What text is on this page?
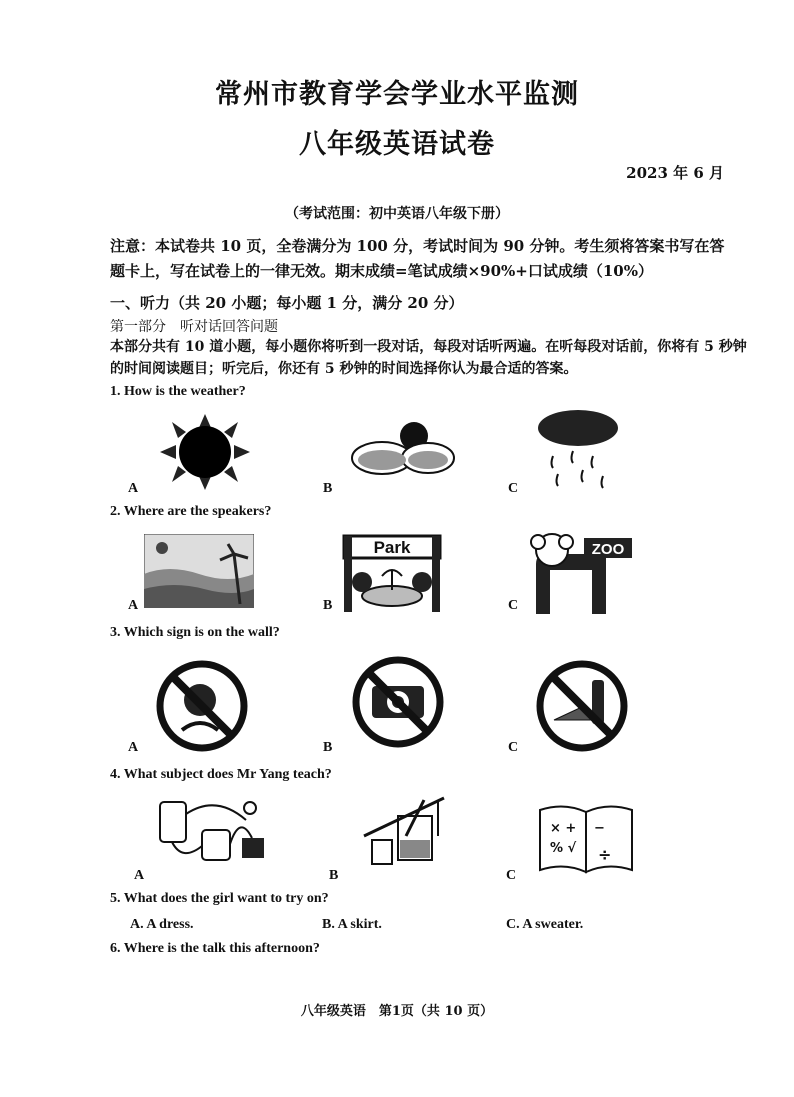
常州市教育学会学业水平监测
八年级英语试卷
2023 年 6 月
（考试范围：初中英语八年级下册）
注意：本试卷共 10 页，全卷满分为 100 分，考试时间为 90 分钟。考生须将答案书写在答题卡上，写在试卷上的一律无效。期末成绩=笔试成绩×90%+口试成绩（10%）
一、听力（共 20 小题；每小题 1 分，满分 20 分）
第一部分　听对话回答问题
本部分共有 10 道小题，每小题你将听到一段对话，每段对话听两遍。在听每段对话前，你将有 5 秒钟的时间阅读题目；听完后，你还有 5 秒钟的时间选择你认为最合适的答案。
1. How is the weather?
A	B	C
2. Where are the speakers?
Park	ZOO
A	B	C
3. Which sign is on the wall?
A	B	C
4. What subject does Mr Yang teach?
× +
% √
−
÷
A	B	C
5. What does the girl want to try on?
A. A dress.	B. A skirt.	C. A sweater.
6. Where is the talk this afternoon?
八年级英语　第1页（共 10 页）
